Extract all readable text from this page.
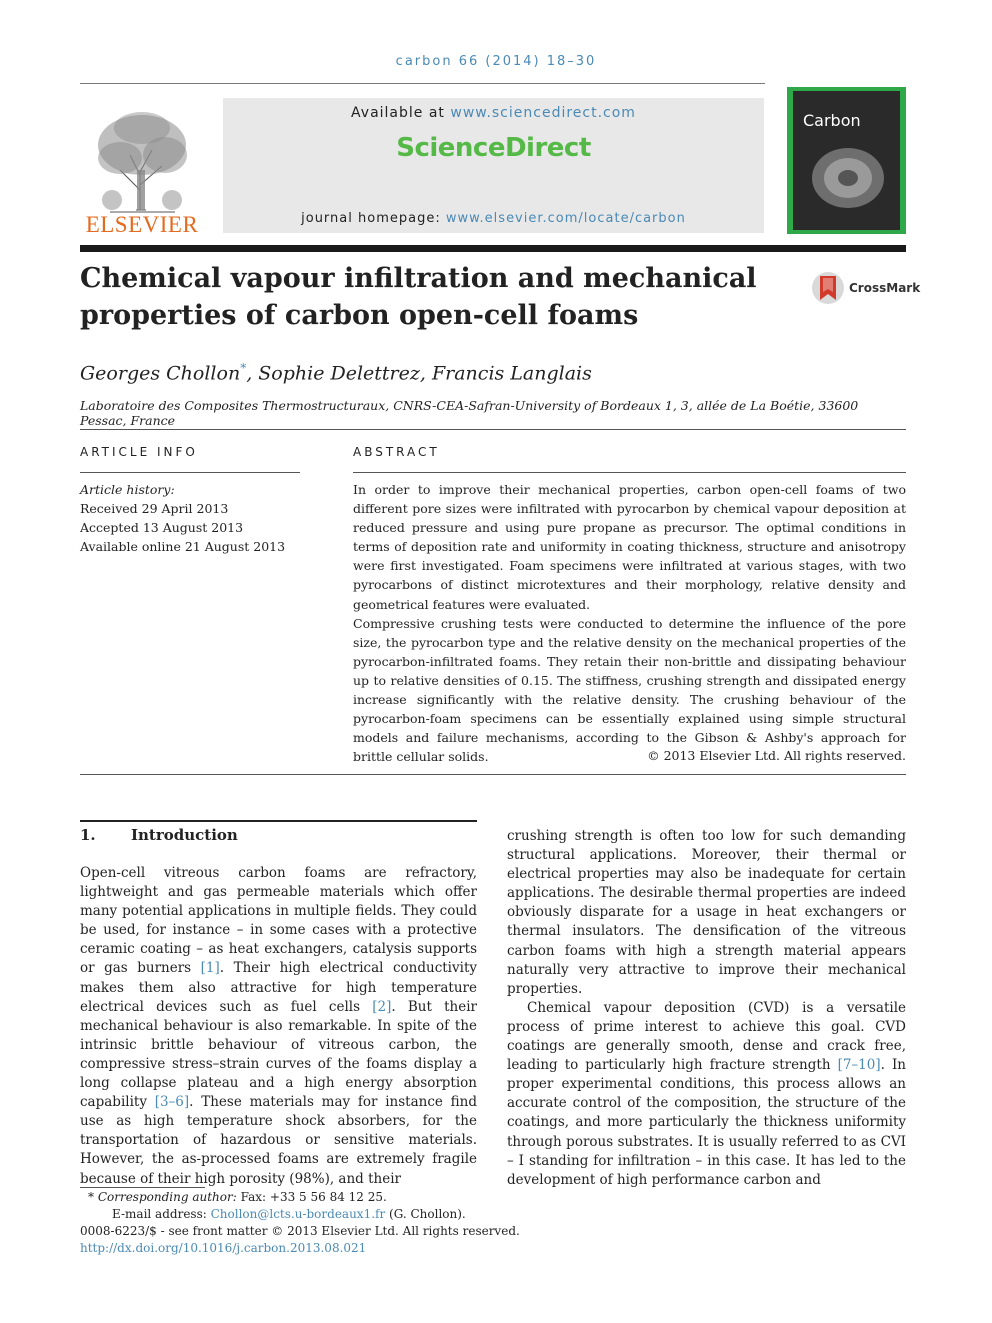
carbon 66 (2014) 18–30
ELSEVIER
Available at www.sciencedirect.com
ScienceDirect
journal homepage: www.elsevier.com/locate/carbon
Carbon
Chemical vapour infiltration and mechanical
properties of carbon open-cell foams
CrossMark
Georges Chollon*, Sophie Delettrez, Francis Langlais
Laboratoire des Composites Thermostructuraux, CNRS-CEA-Safran-University of Bordeaux 1, 3, allée de La Boétie, 33600 Pessac, France
ARTICLE INFO	ABSTRACT
Article history:
Received 29 April 2013
Accepted 13 August 2013
Available online 21 August 2013

In order to improve their mechanical properties, carbon open-cell foams of two different pore sizes were infiltrated with pyrocarbon by chemical vapour deposition at reduced pressure and using pure propane as precursor. The optimal conditions in terms of deposition rate and uniformity in coating thickness, structure and anisotropy were first investigated. Foam specimens were infiltrated at various stages, with two pyrocarbons of distinct microtextures and their morphology, relative density and geometrical features were evaluated.

Compressive crushing tests were conducted to determine the influence of the pore size, the pyrocarbon type and the relative density on the mechanical properties of the pyrocarbon-infiltrated foams. They retain their non-brittle and dissipating behaviour up to relative densities of 0.15. The stiffness, crushing strength and dissipated energy increase significantly with the relative density. The crushing behaviour of the pyrocarbon-foam specimens can be essentially explained using simple structural models and failure mechanisms, according to the Gibson & Ashby's approach for brittle cellular solids.	© 2013 Elsevier Ltd. All rights reserved.
1. Introduction

Open-cell vitreous carbon foams are refractory, lightweight and gas permeable materials which offer many potential applications in multiple fields. They could be used, for instance – in some cases with a protective ceramic coating – as heat exchangers, catalysis supports or gas burners [1]. Their high electrical conductivity makes them also attractive for high temperature electrical devices such as fuel cells [2]. But their mechanical behaviour is also remarkable. In spite of the intrinsic brittle behaviour of vitreous carbon, the compressive stress–strain curves of the foams display a long collapse plateau and a high energy absorption capability [3–6]. These materials may for instance find use as high temperature shock absorbers, for the transportation of hazardous or sensitive materials. However, the as-processed foams are extremely fragile because of their high porosity (98%), and their

crushing strength is often too low for such demanding structural applications. Moreover, their thermal or electrical properties may also be inadequate for certain applications. The desirable thermal properties are indeed obviously disparate for a usage in heat exchangers or thermal insulators. The densification of the vitreous carbon foams with high a strength material appears naturally very attractive to improve their mechanical properties.

Chemical vapour deposition (CVD) is a versatile process of prime interest to achieve this goal. CVD coatings are generally smooth, dense and crack free, leading to particularly high fracture strength [7–10]. In proper experimental conditions, this process allows an accurate control of the composition, the structure of the coatings, and more particularly the thickness uniformity through porous substrates. It is usually referred to as CVI – I standing for infiltration – in this case. It has led to the development of high performance carbon and

* Corresponding author: Fax: +33 5 56 84 12 25.
E-mail address: Chollon@lcts.u-bordeaux1.fr (G. Chollon).
0008-6223/$ - see front matter © 2013 Elsevier Ltd. All rights reserved.
http://dx.doi.org/10.1016/j.carbon.2013.08.021
